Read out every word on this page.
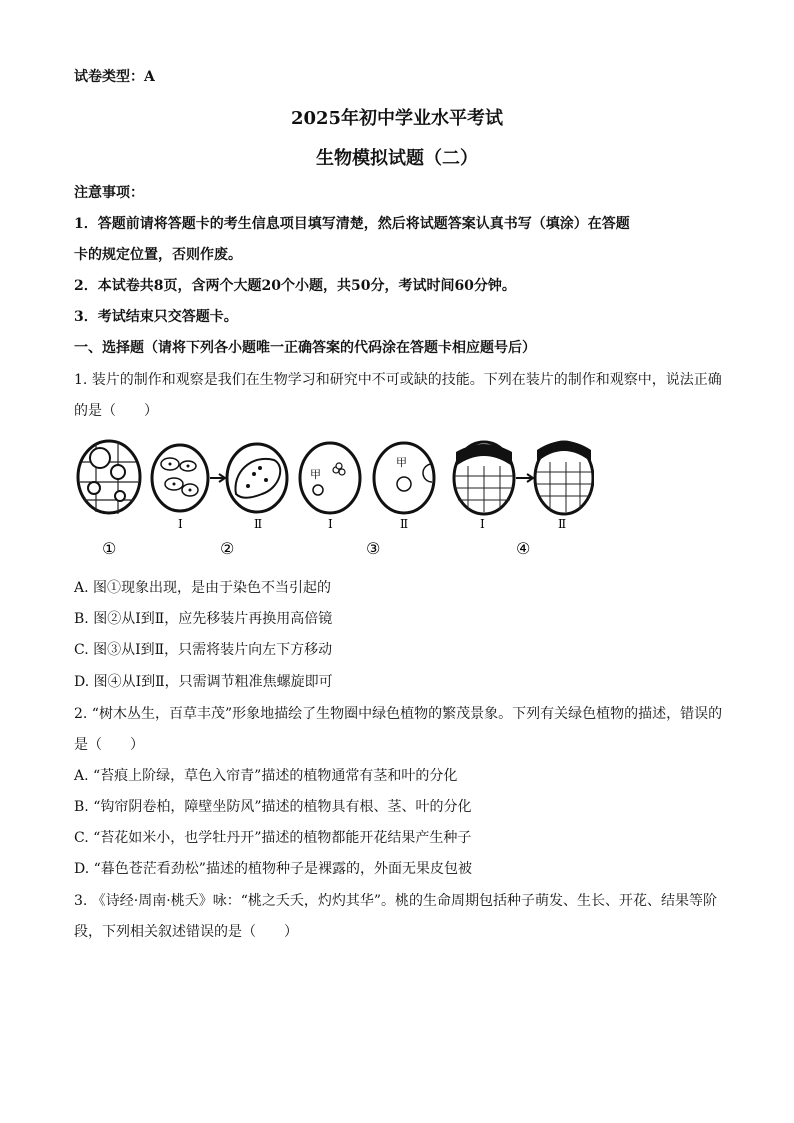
试卷类型：A
2025年初中学业水平考试
生物模拟试题（二）
注意事项：
1．答题前请将答题卡的考生信息项目填写清楚，然后将试题答案认真书写（填涂）在答题
卡的规定位置，否则作废。
2．本试卷共8页，含两个大题20个小题，共50分，考试时间60分钟。
3．考试结束只交答题卡。
一、选择题（请将下列各小题唯一正确答案的代码涂在答题卡相应题号后）
1. 装片的制作和观察是我们在生物学习和研究中不可或缺的技能。下列在装片的制作和观察中，说法正确
的是（　　）
甲
甲
Ⅰ	Ⅱ	Ⅰ	Ⅱ	Ⅰ	Ⅱ
①	②	③	④
A. 图①现象出现，是由于染色不当引起的
B. 图②从Ⅰ到Ⅱ，应先移装片再换用高倍镜
C. 图③从Ⅰ到Ⅱ，只需将装片向左下方移动
D. 图④从Ⅰ到Ⅱ，只需调节粗准焦螺旋即可
2. “树木丛生，百草丰茂”形象地描绘了生物圈中绿色植物的繁茂景象。下列有关绿色植物的描述，错误的
是（　　）
A. “苔痕上阶绿，草色入帘青”描述的植物通常有茎和叶的分化
B. “钩帘阴卷柏，障壁坐防风”描述的植物具有根、茎、叶的分化
C. “苔花如米小，也学牡丹开”描述的植物都能开花结果产生种子
D. “暮色苍茫看劲松”描述的植物种子是裸露的，外面无果皮包被
3. 《诗经·周南·桃夭》咏：“桃之夭夭，灼灼其华”。桃的生命周期包括种子萌发、生长、开花、结果等阶
段，下列相关叙述错误的是（　　）
